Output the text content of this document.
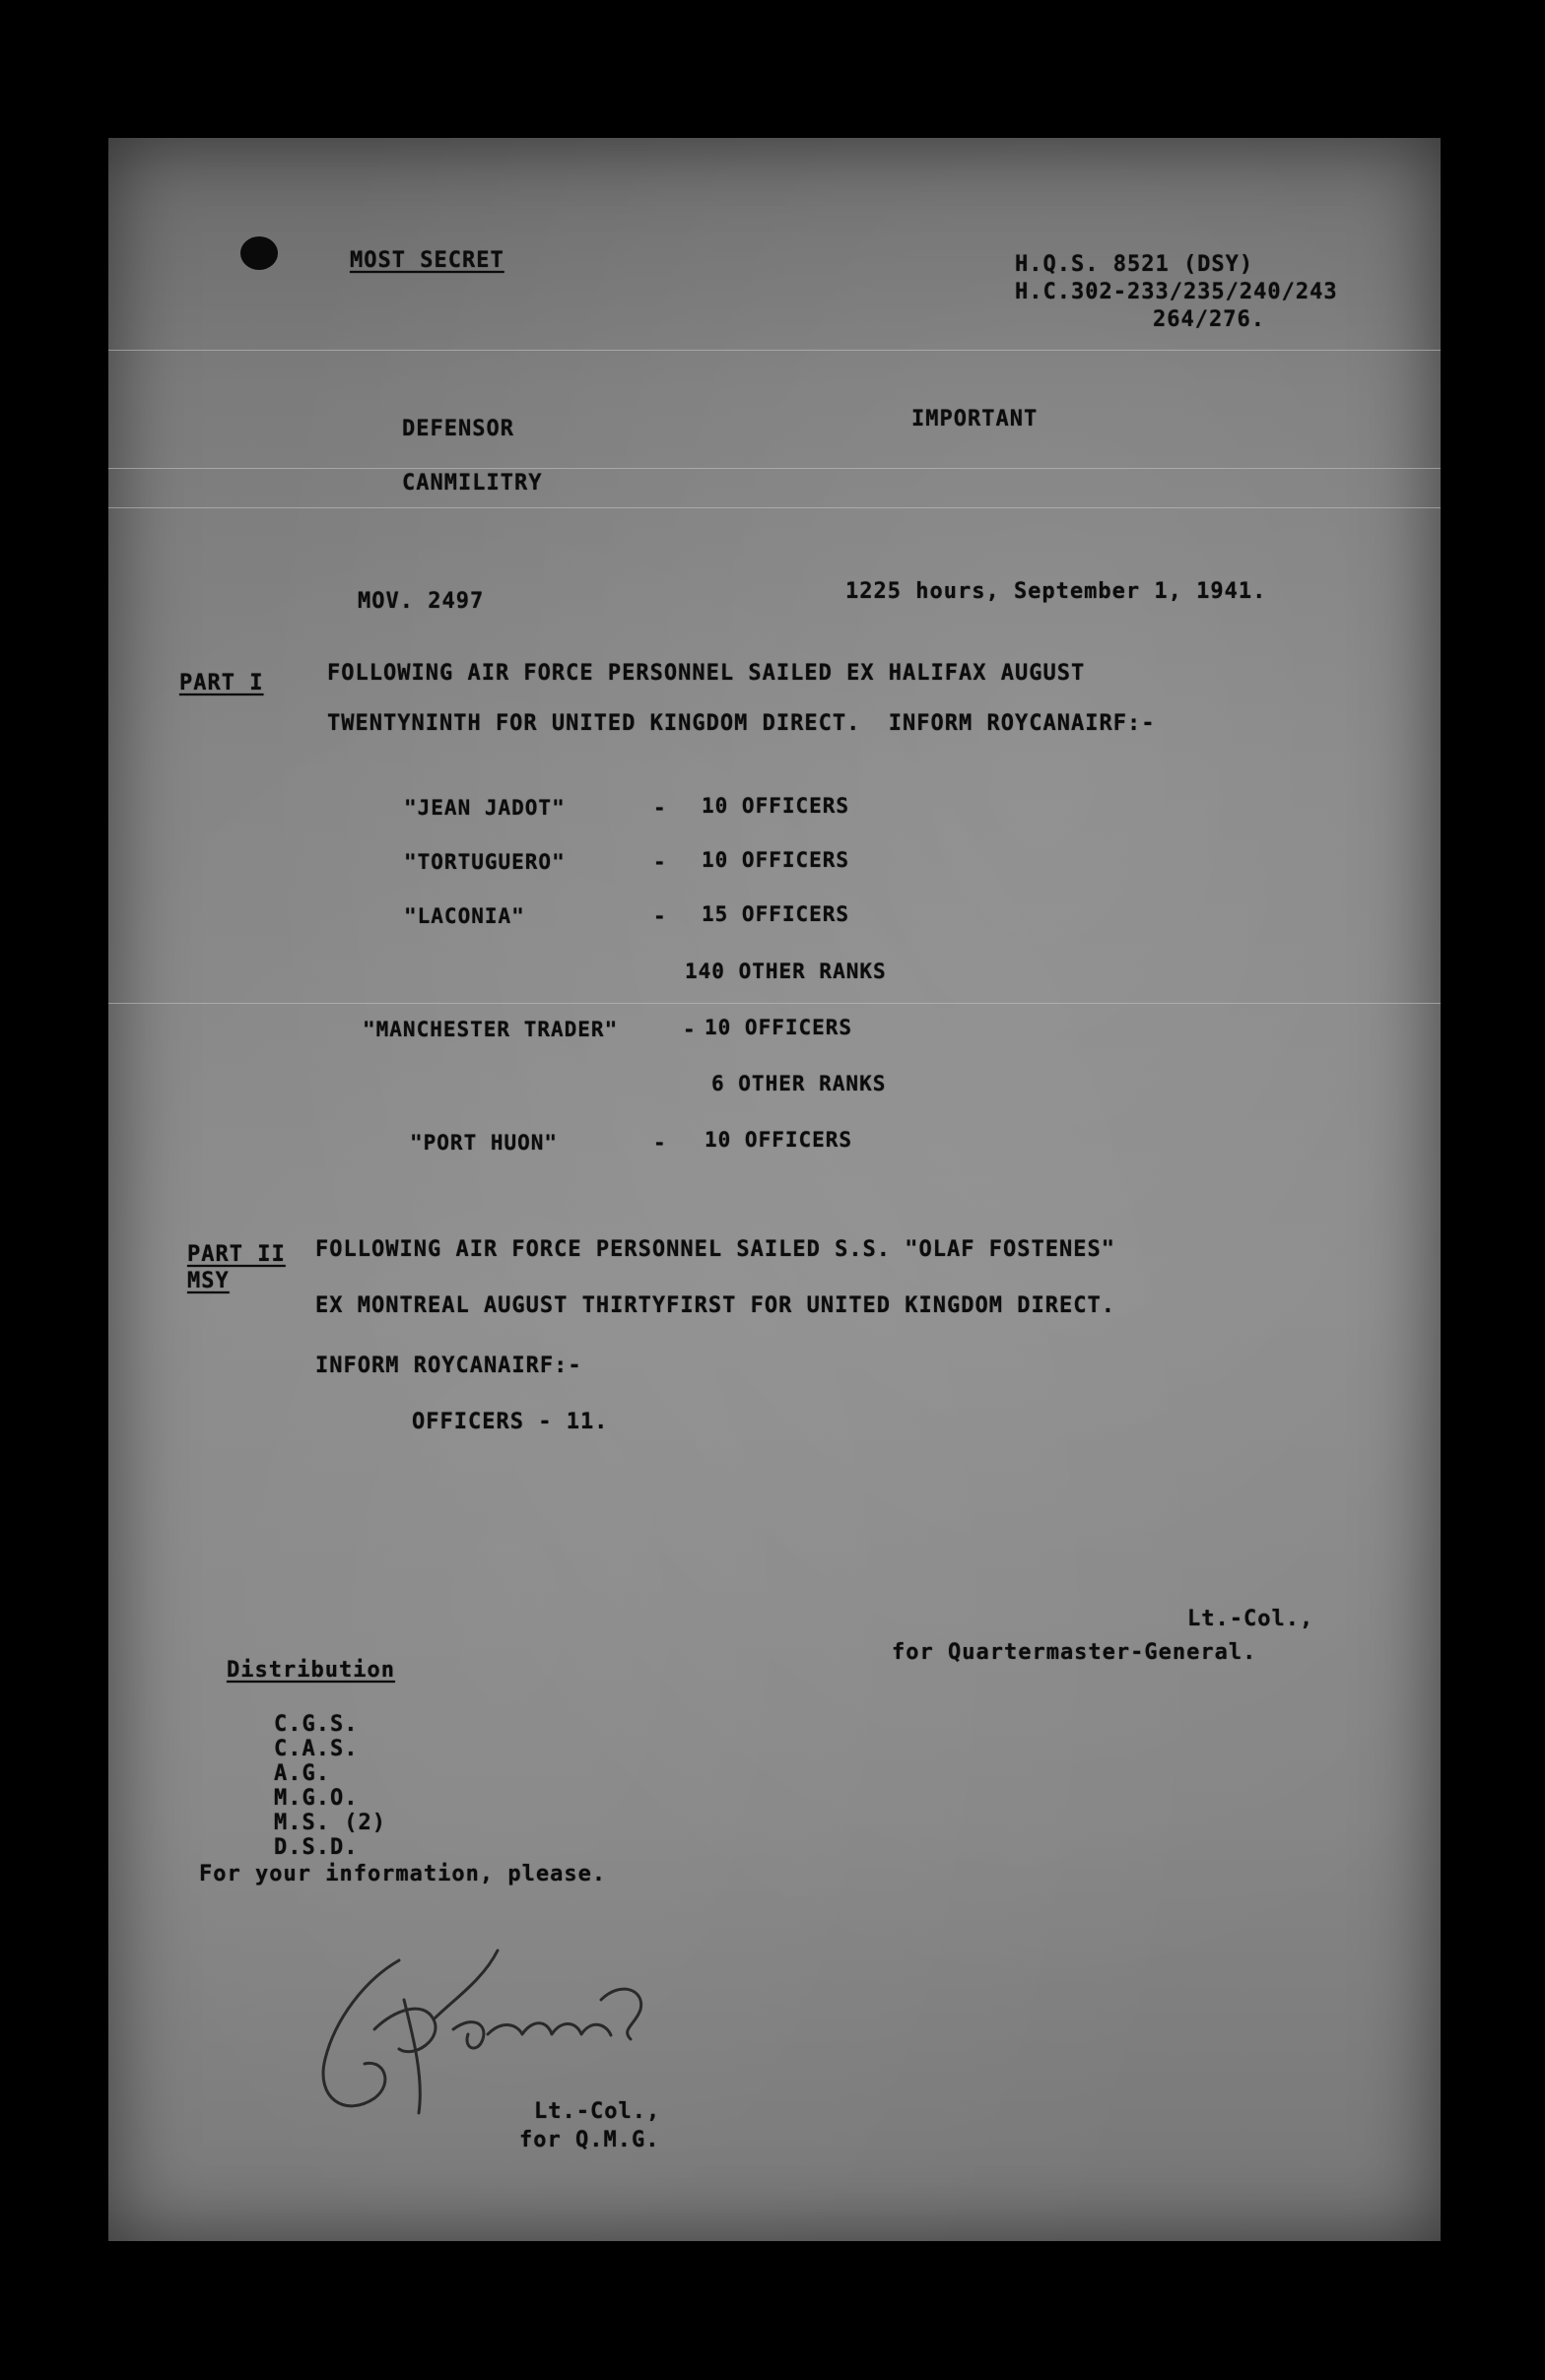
MOST SECRET	H.Q.S. 8521 (DSY)
H.C.302-233/235/240/243
264/276.
DEFENSOR	IMPORTANT
CANMILITRY
MOV. 2497	1225 hours, September 1, 1941.
PART I	FOLLOWING AIR FORCE PERSONNEL SAILED EX HALIFAX AUGUST
TWENTYNINTH FOR UNITED KINGDOM DIRECT.  INFORM ROYCANAIRF:-
"JEAN JADOT"	- 10 OFFICERS
"TORTUGUERO"	- 10 OFFICERS
"LACONIA"	- 15 OFFICERS
140 OTHER RANKS
"MANCHESTER TRADER"	- 10 OFFICERS
6 OTHER RANKS
"PORT HUON"	- 10 OFFICERS
PART II
MSY
FOLLOWING AIR FORCE PERSONNEL SAILED S.S. "OLAF FOSTENES"
EX MONTREAL AUGUST THIRTYFIRST FOR UNITED KINGDOM DIRECT.
INFORM ROYCANAIRF:-
OFFICERS - 11.
Lt.-Col.,
for Quartermaster-General.
Distribution
C.G.S.
C.A.S.
A.G.
M.G.O.
M.S. (2)
D.S.D.
For your information, please.
Lt.-Col.,
for Q.M.G.
